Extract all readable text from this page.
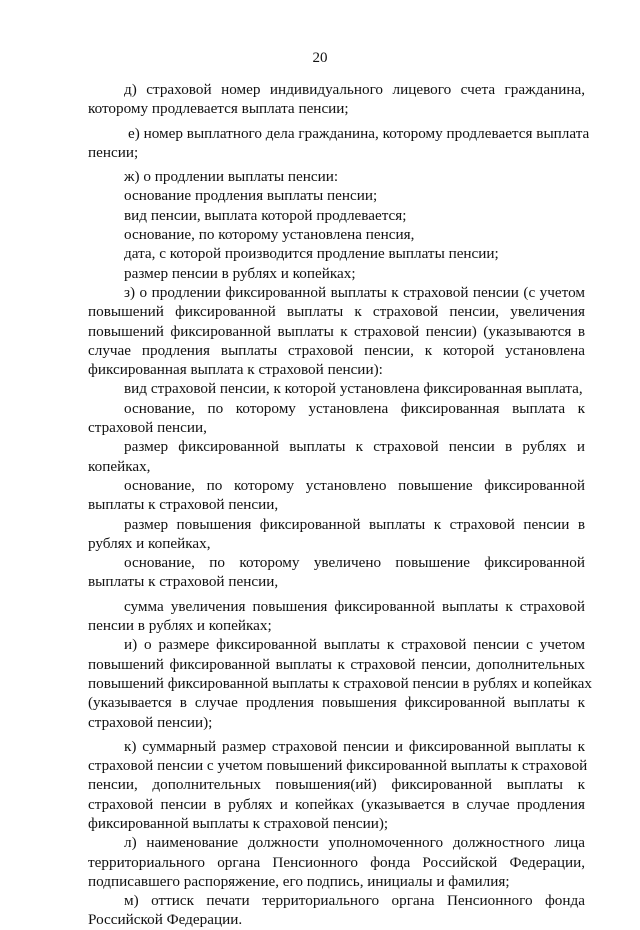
20
д) страховой номер индивидуального лицевого счета гражданина,
которому продлевается выплата пенсии;
е) номер выплатного дела гражданина, которому продлевается выплата
пенсии;
ж) о продлении выплаты пенсии:
основание продления выплаты пенсии;
вид пенсии, выплата которой продлевается;
основание, по которому установлена пенсия,
дата, с которой производится продление выплаты пенсии;
размер пенсии в рублях и копейках;
з) о продлении фиксированной выплаты к страховой пенсии (с учетом
повышений фиксированной выплаты к страховой пенсии, увеличения
повышений фиксированной выплаты к страховой пенсии) (указываются в
случае продления выплаты страховой пенсии, к которой установлена
фиксированная выплата к страховой пенсии):
вид страховой пенсии, к которой установлена фиксированная выплата,
основание, по которому установлена фиксированная выплата к
страховой пенсии,
размер фиксированной выплаты к страховой пенсии в рублях и
копейках,
основание, по которому установлено повышение фиксированной
выплаты к страховой пенсии,
размер повышения фиксированной выплаты к страховой пенсии в
рублях и копейках,
основание, по которому увеличено повышение фиксированной
выплаты к страховой пенсии,
сумма увеличения повышения фиксированной выплаты к страховой
пенсии в рублях и копейках;
и) о размере фиксированной выплаты к страховой пенсии с учетом
повышений фиксированной выплаты к страховой пенсии, дополнительных
повышений фиксированной выплаты к страховой пенсии в рублях и копейках
(указывается в случае продления повышения фиксированной выплаты к
страховой пенсии);
к) суммарный размер страховой пенсии и фиксированной выплаты к
страховой пенсии с учетом повышений фиксированной выплаты к страховой
пенсии, дополнительных повышения(ий) фиксированной выплаты к
страховой пенсии в рублях и копейках (указывается в случае продления
фиксированной выплаты к страховой пенсии);
л) наименование должности уполномоченного должностного лица
территориального органа Пенсионного фонда Российской Федерации,
подписавшего распоряжение, его подпись, инициалы и фамилия;
м) оттиск печати территориального органа Пенсионного фонда
Российской Федерации.
